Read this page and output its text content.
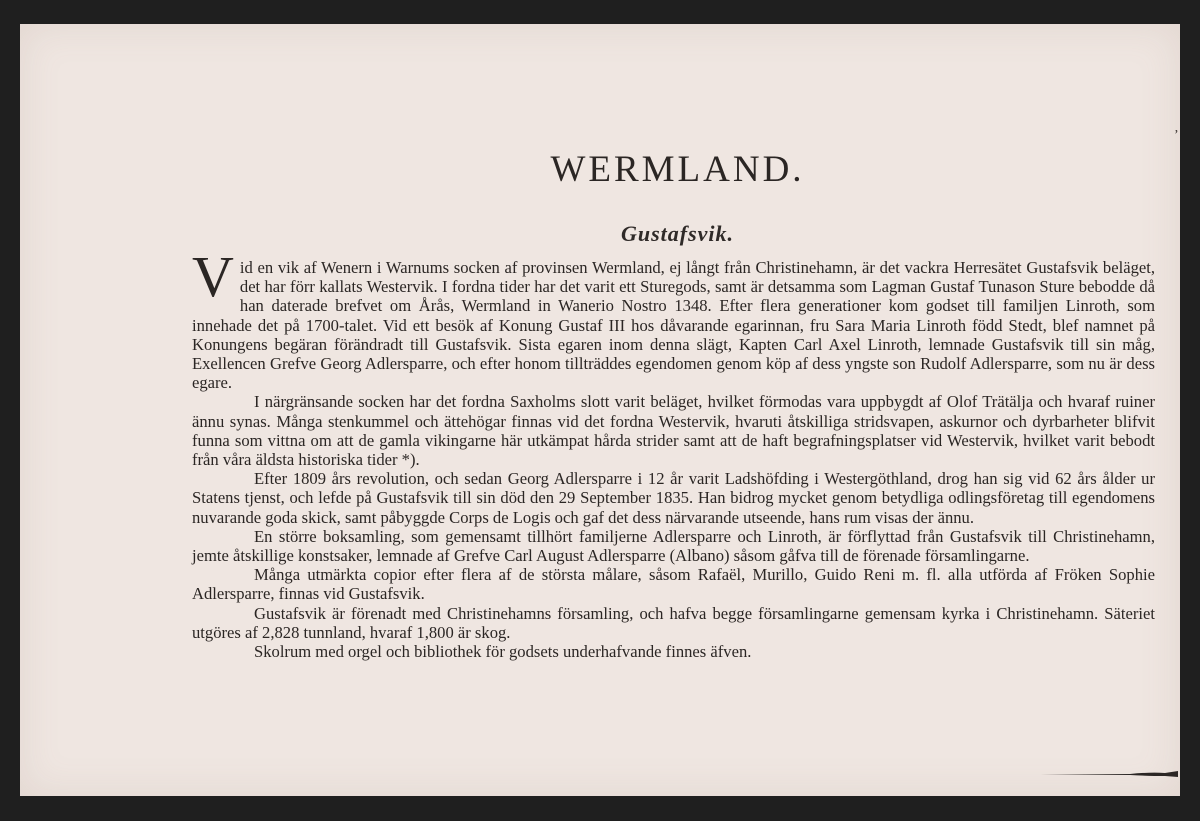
WERMLAND.
Gustafsvik.

Vid en vik af Wenern i Warnums socken af provinsen Wermland, ej långt från Christinehamn, är det vackra Herresätet Gustafsvik beläget, det har förr kallats Westervik. I fordna tider har det varit ett Sturegods, samt är detsamma som Lagman Gustaf Tunason Sture bebodde då han daterade brefvet om Årås, Wermland in Wanerio Nostro 1348. Efter flera generationer kom godset till familjen Linroth, som innehade det på 1700-talet. Vid ett besök af Konung Gustaf III hos dåvarande egarinnan, fru Sara Maria Linroth född Stedt, blef namnet på Konungens begäran förändradt till Gustafsvik. Sista egaren inom denna slägt, Kapten Carl Axel Linroth, lemnade Gustafsvik till sin måg, Exellencen Grefve Georg Adlersparre, och efter honom tillträddes egendomen genom köp af dess yngste son Rudolf Adlersparre, som nu är dess egare.

I närgränsande socken har det fordna Saxholms slott varit beläget, hvilket förmodas vara uppbygdt af Olof Trätälja och hvaraf ruiner ännu synas. Många stenkummel och ättehögar finnas vid det fordna Westervik, hvaruti åtskilliga stridsvapen, askurnor och dyrbarheter blifvit funna som vittna om att de gamla vikingarne här utkämpat hårda strider samt att de haft begrafningsplatser vid Westervik, hvilket varit bebodt från våra äldsta historiska tider *).

Efter 1809 års revolution, och sedan Georg Adlersparre i 12 år varit Ladshöfding i Westergöthland, drog han sig vid 62 års ålder ur Statens tjenst, och lefde på Gustafsvik till sin död den 29 September 1835. Han bidrog mycket genom betydliga odlingsföretag till egendomens nuvarande goda skick, samt påbyggde Corps de Logis och gaf det dess närvarande utseende, hans rum visas der ännu.

En större boksamling, som gemensamt tillhört familjerne Adlersparre och Linroth, är förflyttad från Gustafsvik till Christinehamn, jemte åtskillige konstsaker, lemnade af Grefve Carl August Adlersparre (Albano) såsom gåfva till de förenade församlingarne.

Många utmärkta copior efter flera af de största målare, såsom Rafaël, Murillo, Guido Reni m. fl. alla utförda af Fröken Sophie Adlersparre, finnas vid Gustafsvik.

Gustafsvik är förenadt med Christinehamns församling, och hafva begge församlingarne gemensam kyrka i Christinehamn. Säteriet utgöres af 2,828 tunnland, hvaraf 1,800 är skog.

Skolrum med orgel och bibliothek för godsets underhafvande finnes äfven.

’
